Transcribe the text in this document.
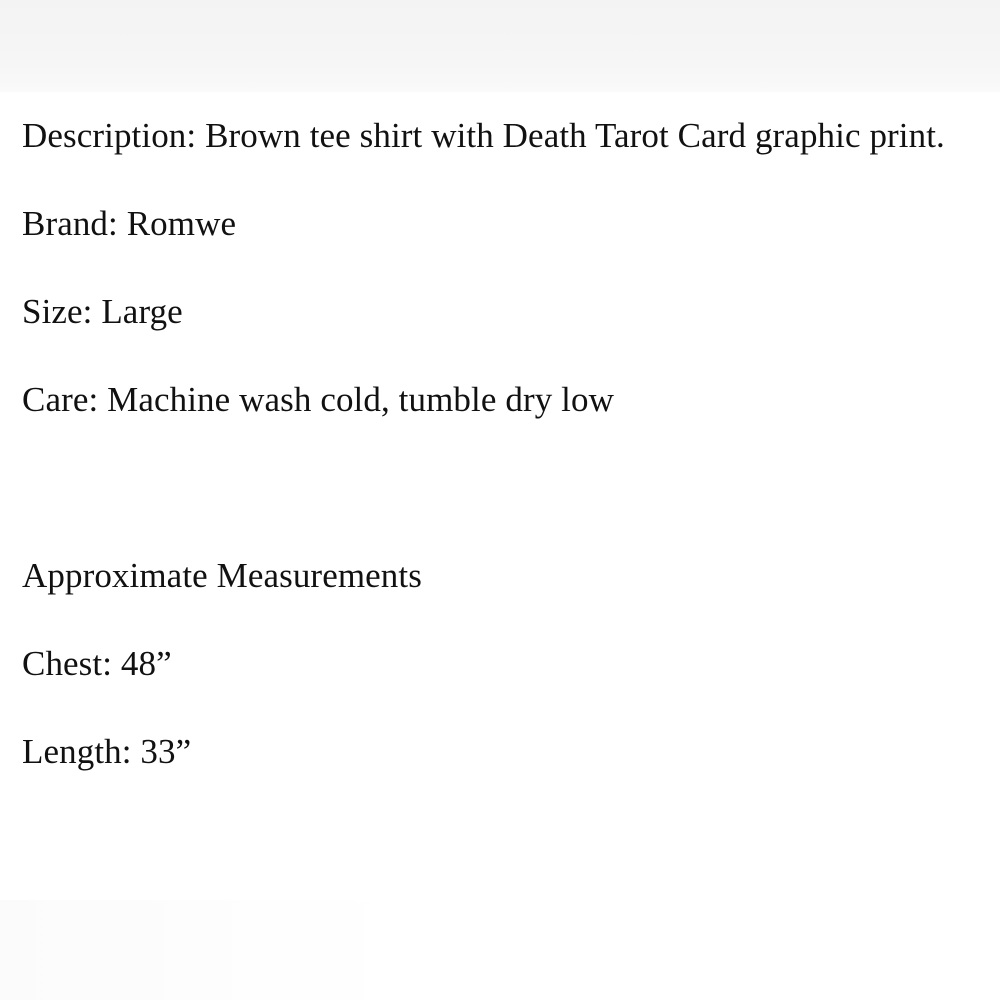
Description: Brown tee shirt with Death Tarot Card graphic print.

Brand: Romwe

Size: Large

Care: Machine wash cold, tumble dry low

Approximate Measurements

Chest: 48”

Length: 33”
